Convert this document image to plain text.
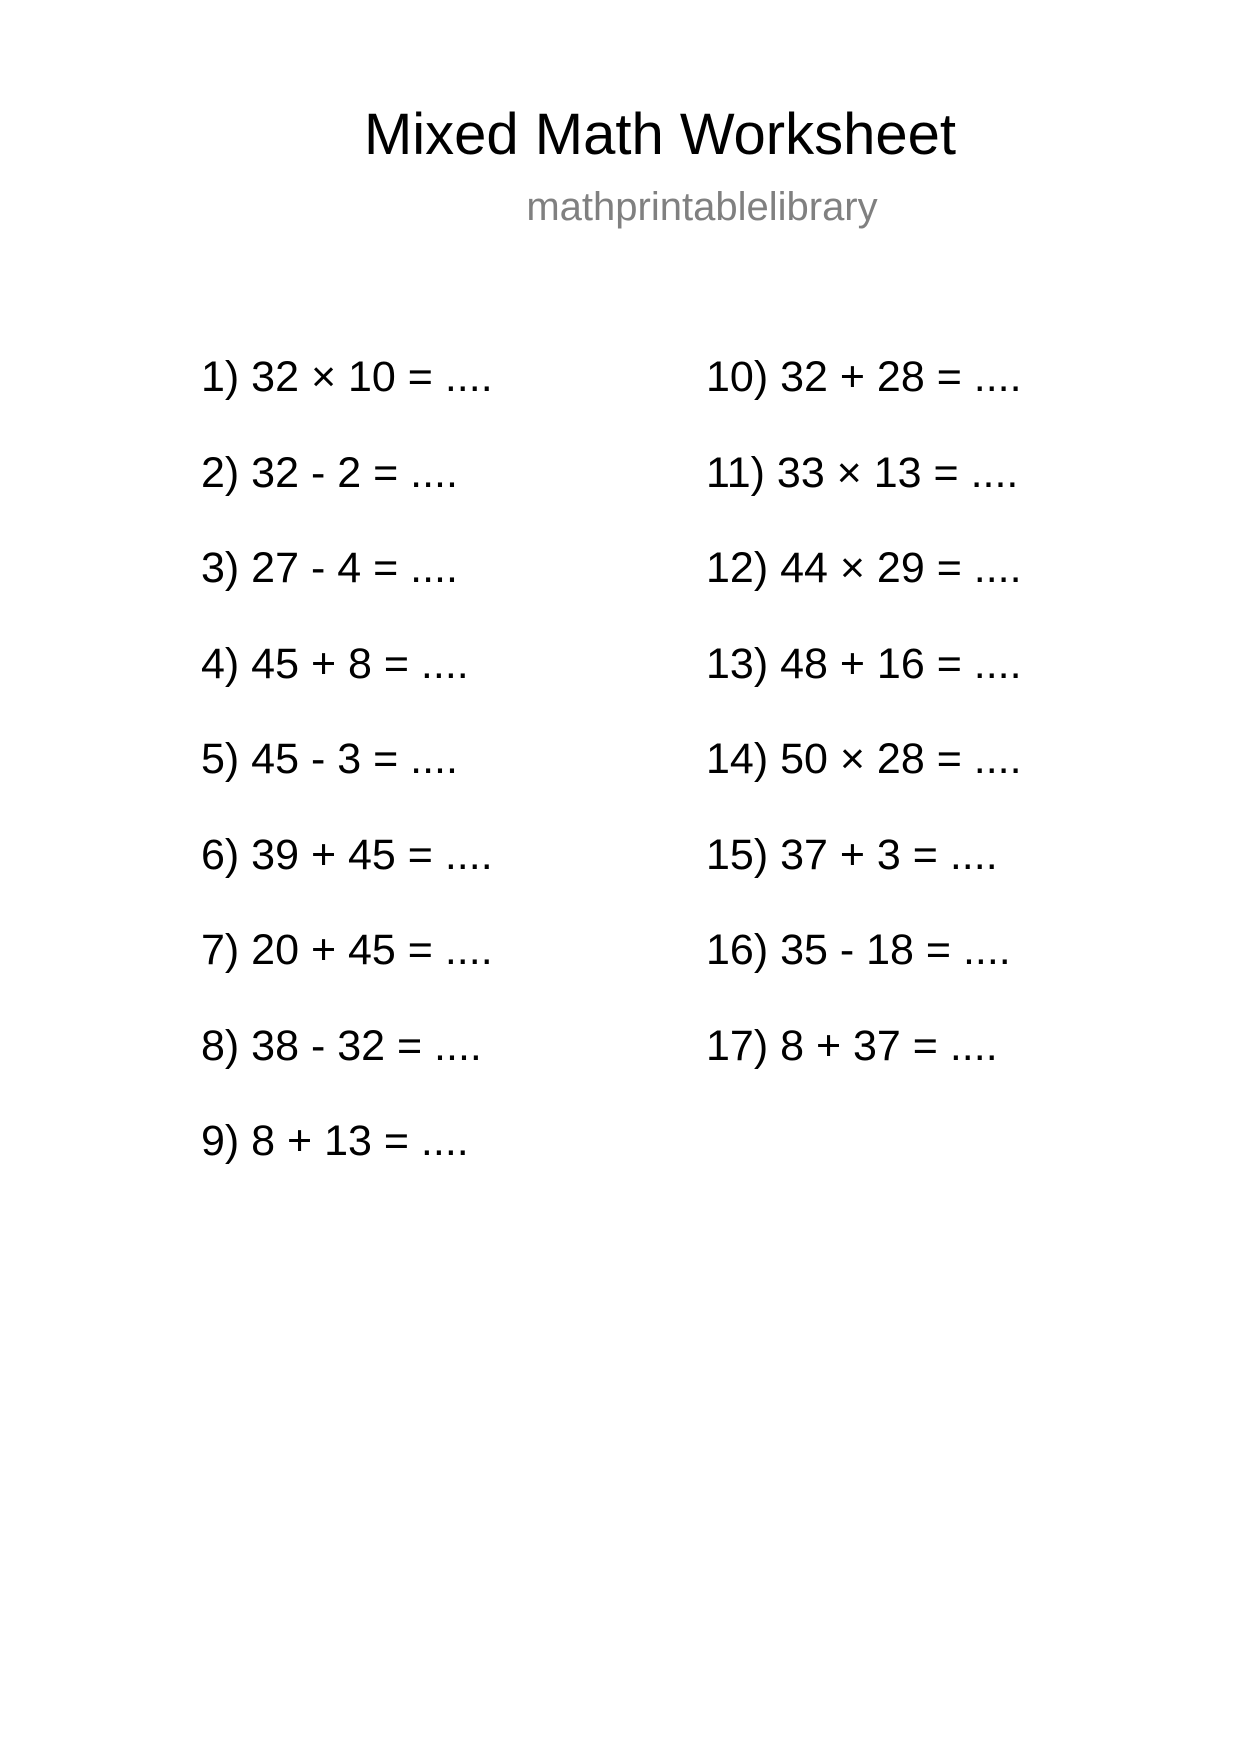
Mixed Math Worksheet
mathprintablelibrary
1) 32 × 10 = ....
2) 32 - 2 = ....
3) 27 - 4 = ....
4) 45 + 8 = ....
5) 45 - 3 = ....
6) 39 + 45 = ....
7) 20 + 45 = ....
8) 38 - 32 = ....
9) 8 + 13 = ....
10) 32 + 28 = ....
11) 33 × 13 = ....
12) 44 × 29 = ....
13) 48 + 16 = ....
14) 50 × 28 = ....
15) 37 + 3 = ....
16) 35 - 18 = ....
17) 8 + 37 = ....
